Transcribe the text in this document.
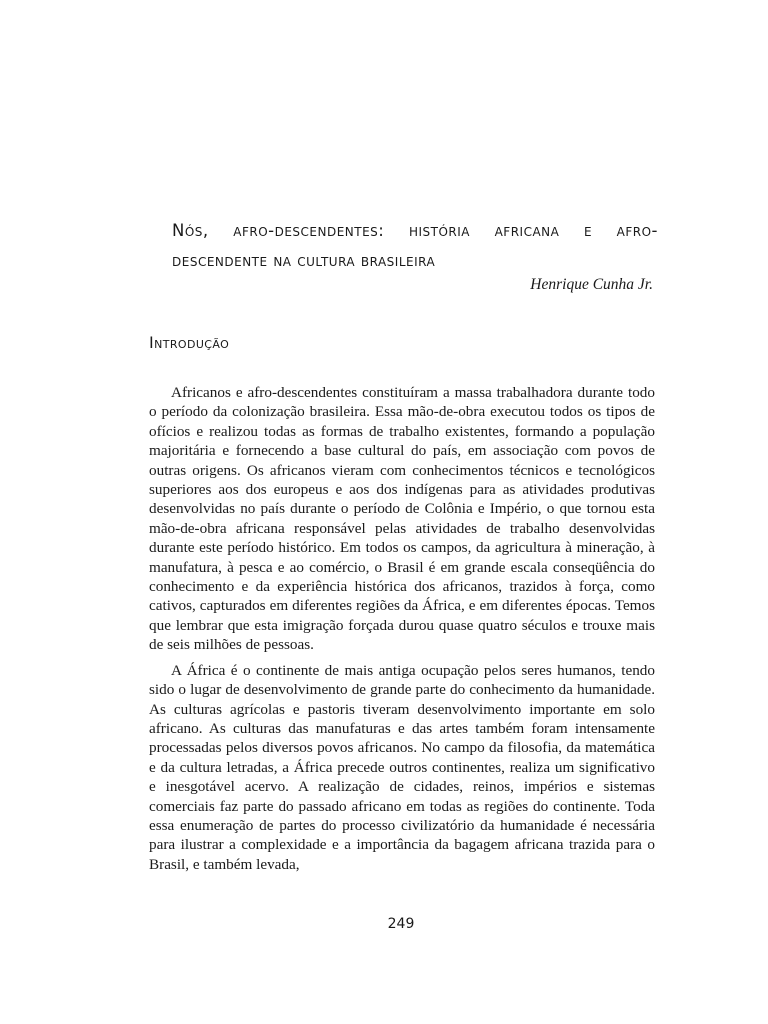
Nós, afro-descendentes: história africana e afro-descendente na cultura brasileira

Henrique Cunha Jr.

Introdução

Africanos e afro-descendentes constituíram a massa trabalhadora durante todo o período da colonização brasileira. Essa mão-de-obra executou todos os tipos de ofícios e realizou todas as formas de trabalho existentes, formando a população majoritária e fornecendo a base cultural do país, em associação com povos de outras origens. Os africanos vieram com conhecimentos técnicos e tecnológicos superiores aos dos europeus e aos dos indígenas para as atividades produtivas desenvolvidas no país durante o período de Colônia e Império, o que tornou esta mão-de-obra africana responsável pelas atividades de trabalho desenvolvidas durante este período histórico. Em todos os campos, da agricultura à mineração, à manufatura, à pesca e ao comércio, o Brasil é em grande escala conseqüência do conhecimento e da experiência histórica dos africanos, trazidos à força, como cativos, capturados em diferentes regiões da África, e em diferentes épocas. Temos que lembrar que esta imigração forçada durou quase quatro séculos e trouxe mais de seis milhões de pessoas.

A África é o continente de mais antiga ocupação pelos seres humanos, tendo sido o lugar de desenvolvimento de grande parte do conhecimento da humanidade. As culturas agrícolas e pastoris tiveram desenvolvimento importante em solo africano. As culturas das manufaturas e das artes também foram intensamente processadas pelos diversos povos africanos. No campo da filosofia, da matemática e da cultura letradas, a África precede outros continentes, realiza um significativo e inesgotável acervo. A realização de cidades, reinos, impérios e sistemas comerciais faz parte do passado africano em todas as regiões do continente. Toda essa enumeração de partes do processo civilizatório da humanidade é necessária para ilustrar a complexidade e a importância da bagagem africana trazida para o Brasil, e também levada,

249
